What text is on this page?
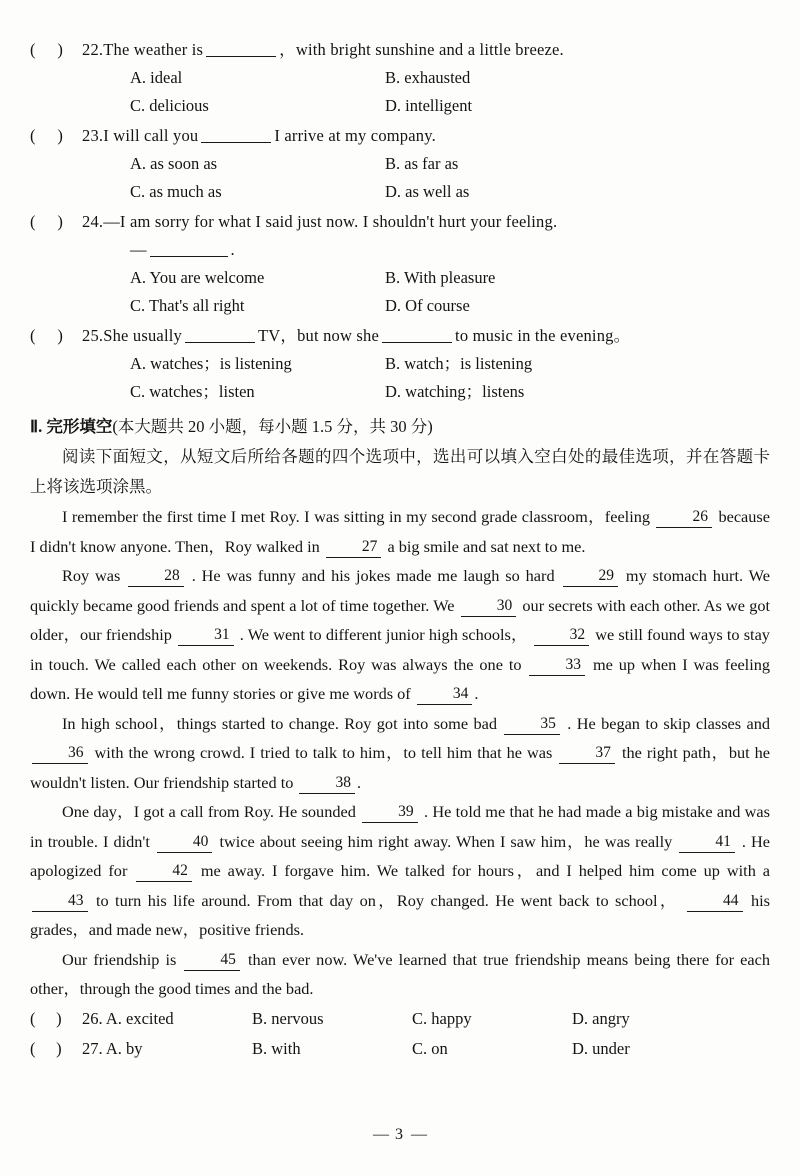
(     )	22. The weather is	，with bright sunshine and a little breeze.
A. ideal	B. exhausted
C. delicious	D. intelligent
(     )	23. I will call you	I arrive at my company.
A. as soon as	B. as far as
C. as much as	D. as well as
(     )	24. —I am sorry for what I said just now. I shouldn't hurt your feeling.
—	.
A. You are welcome	B. With pleasure
C. That's all right	D. Of course
(     )	25. She usually	TV，but now she	to music in the evening。
A. watches；is listening	B. watch；is listening
C. watches；listen	D. watching；listens
Ⅱ. 完形填空(本大题共 20 小题，每小题 1.5 分，共 30 分)
阅读下面短文，从短文后所给各题的四个选项中，选出可以填入空白处的最佳选项，并在答题卡上将该选项涂黑。

I remember the first time I met Roy. I was sitting in my second grade classroom，feeling	26 because I didn't know anyone. Then，Roy walked in	27 a big smile and sat next to me.

Roy was	28 . He was funny and his jokes made me laugh so hard	29 my stomach hurt. We quickly became good friends and spent a lot of time together. We	30 our secrets with each other. As we got older，our friendship	31 . We went to different junior high schools，	32 we still found ways to stay in touch. We called each other on weekends. Roy was always the one to	33 me up when I was feeling down. He would tell me funny stories or give me words of	34 .

In high school，things started to change. Roy got into some bad	35 . He began to skip classes and 36 with the wrong crowd. I tried to talk to him，to tell him that he was	37 the right path，but he wouldn't listen. Our friendship started to	38 .

One day，I got a call from Roy. He sounded	39 . He told me that he had made a big mistake and was in trouble. I didn't	40 twice about seeing him right away. When I saw him，he was really	41 . He apologized for	42 me away. I forgave him. We talked for hours，and I helped him come up with a 43 to turn his life around. From that day on，Roy changed. He went back to school，	44 his grades，and made new，positive friends.

Our friendship is	45 than ever now. We've learned that true friendship means being there for each other，through the good times and the bad.

(     )	26. A. excited	B. nervous	C. happy	D. angry
(     )	27. A. by	B. with	C. on	D. under
— 3 —
